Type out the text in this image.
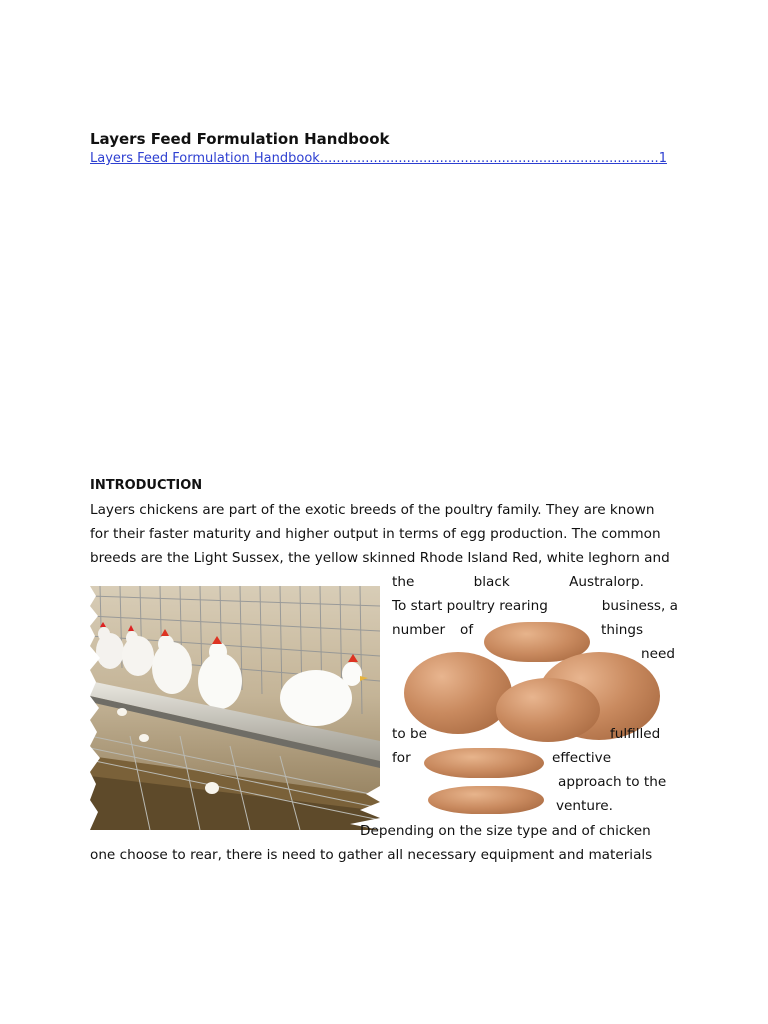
Layers Feed Formulation Handbook
Layers Feed Formulation Handbook..................................................................................1
INTRODUCTION
Layers chickens are part of the exotic breeds of the poultry family. They are known
for their faster maturity and higher output in terms of egg production. The common
breeds are the Light Sussex, the yellow skinned Rhode Island Red, white leghorn and
the	black	Australorp.
To start poultry rearing	business, a
number of	things
need
to be	fulfilled
for	effective
approach to the
venture.
Depending on the size type and of chicken
one choose to rear, there is need to gather all necessary equipment and materials
